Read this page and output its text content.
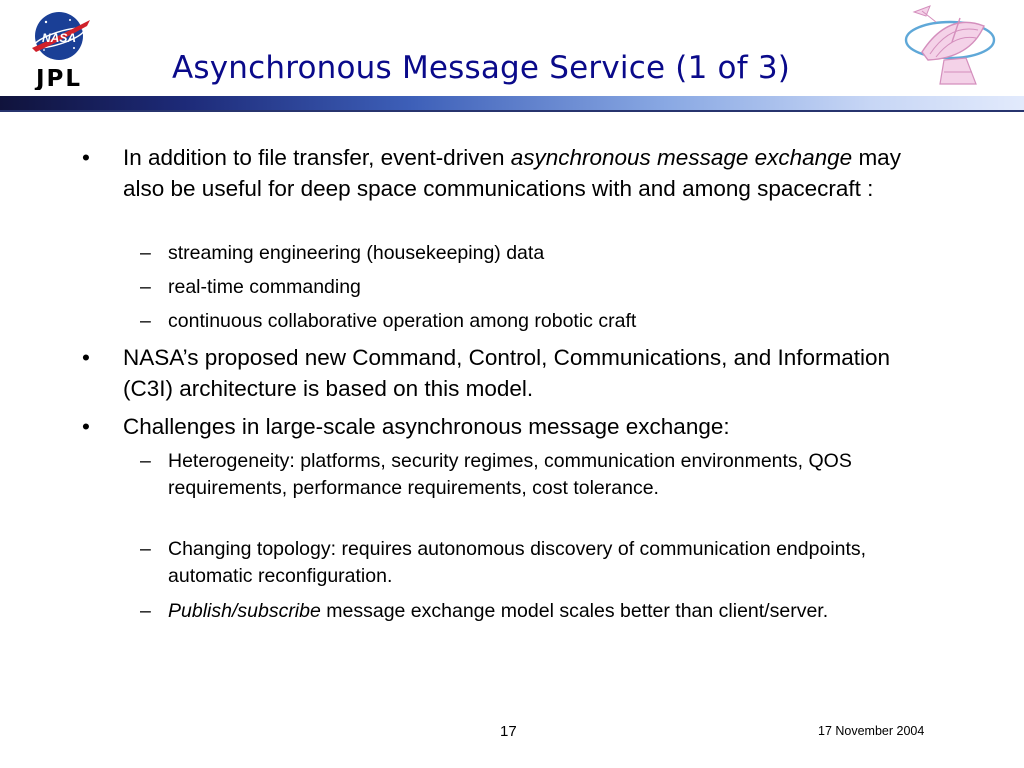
NASA
JPL	Asynchronous Message Service (1 of 3)
• In addition to file transfer, event-driven asynchronous message exchange may also be useful for deep space communications with and among spacecraft :
– streaming engineering (housekeeping) data
– real-time commanding
– continuous collaborative operation among robotic craft
• NASA’s proposed new Command, Control, Communications, and Information (C3I) architecture is based on this model.
• Challenges in large-scale asynchronous message exchange:
– Heterogeneity: platforms, security regimes, communication environments, QOS requirements, performance requirements, cost tolerance.
– Changing topology: requires autonomous discovery of communication endpoints, automatic reconfiguration.
– Publish/subscribe message exchange model scales better than client/server.
17	17 November 2004
